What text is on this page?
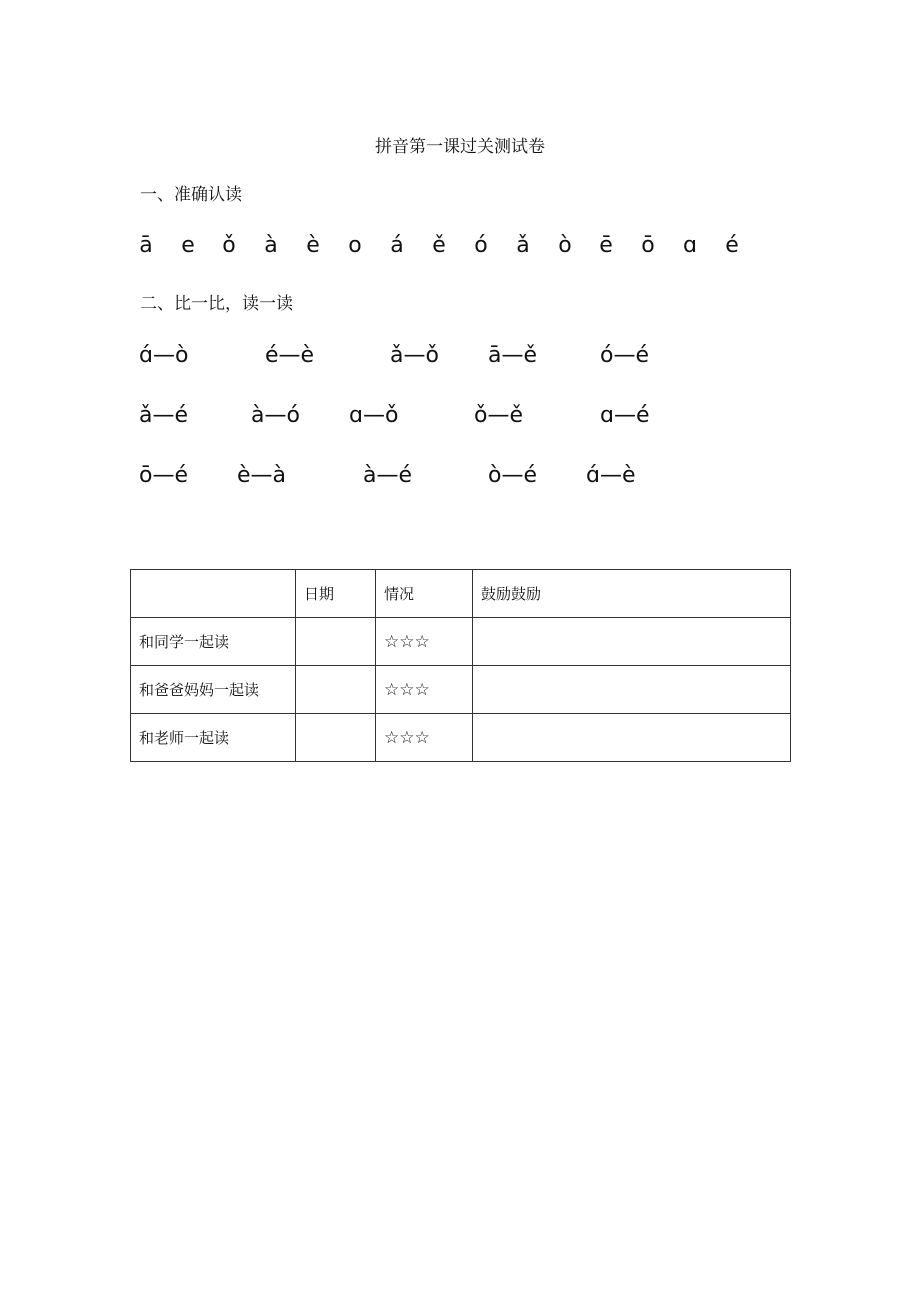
拼音第一课过关测试卷
一、准确认读
ā e ǒ à è o á ě ó ǎ ò ē ō ɑ é
二、比一比，读一读
ɑ́—ò	é—è	ǎ—ǒ ā—ě	ó—é
ǎ—é	à—ó ɑ—ǒ	ǒ—ě	ɑ—é
ō—é è—à	à—é	ò—é ɑ́—è
	日期	情况	鼓励鼓励
和同学一起读		☆☆☆	
和爸爸妈妈一起读		☆☆☆	
和老师一起读		☆☆☆	
